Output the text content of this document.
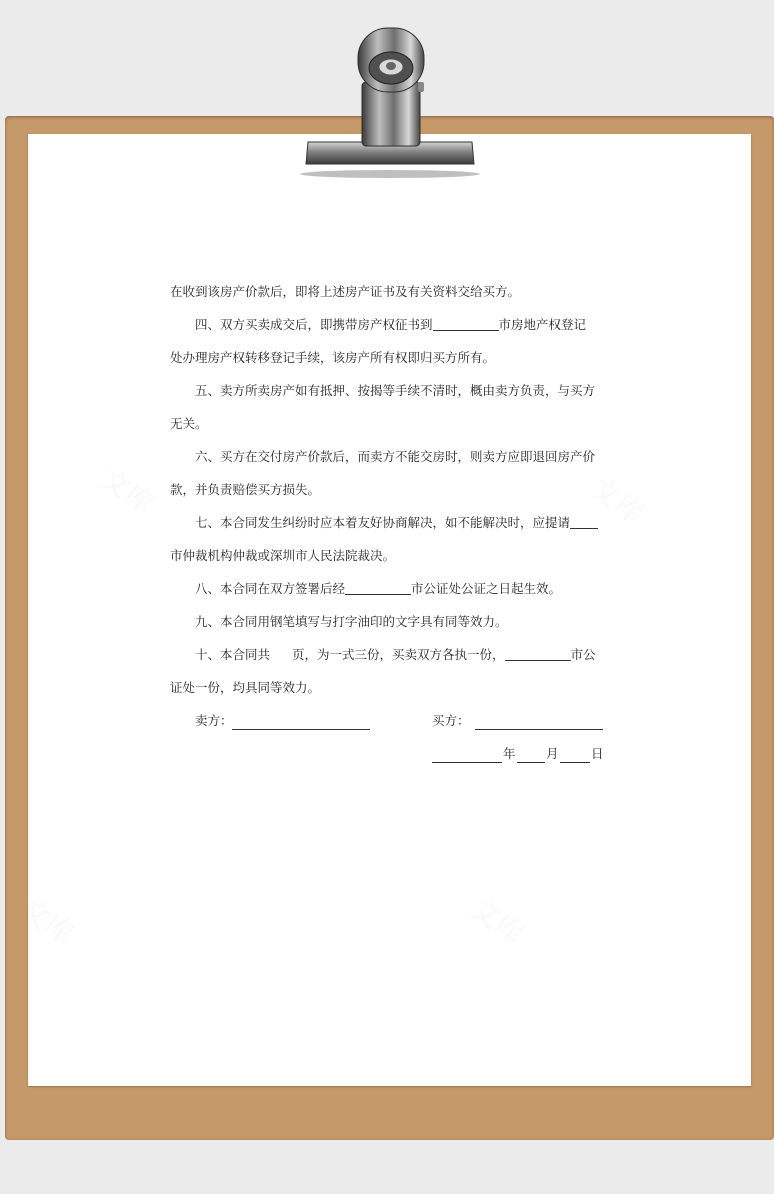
文库	文库
文库	文库
在收到该房产价款后，即将上述房产证书及有关资料交给买方。
四、双方买卖成交后，即携带房产权征书到	市房地产权登记
处办理房产权转移登记手续，该房产所有权即归买方所有。
五、卖方所卖房产如有抵押、按揭等手续不清时，概由卖方负责，与买方
无关。
六、买方在交付房产价款后，而卖方不能交房时，则卖方应即退回房产价
款，并负责赔偿买方损失。
七、本合同发生纠纷时应本着友好协商解决，如不能解决时，应提请
市仲裁机构仲裁或深圳市人民法院裁决。
八、本合同在双方签署后经	市公证处公证之日起生效。
九、本合同用钢笔填写与打字油印的文字具有同等效力。
十、本合同共 页，为一式三份，买卖双方各执一份，	市公
证处一份，均具同等效力。
卖方：	买方：
年 月	日
